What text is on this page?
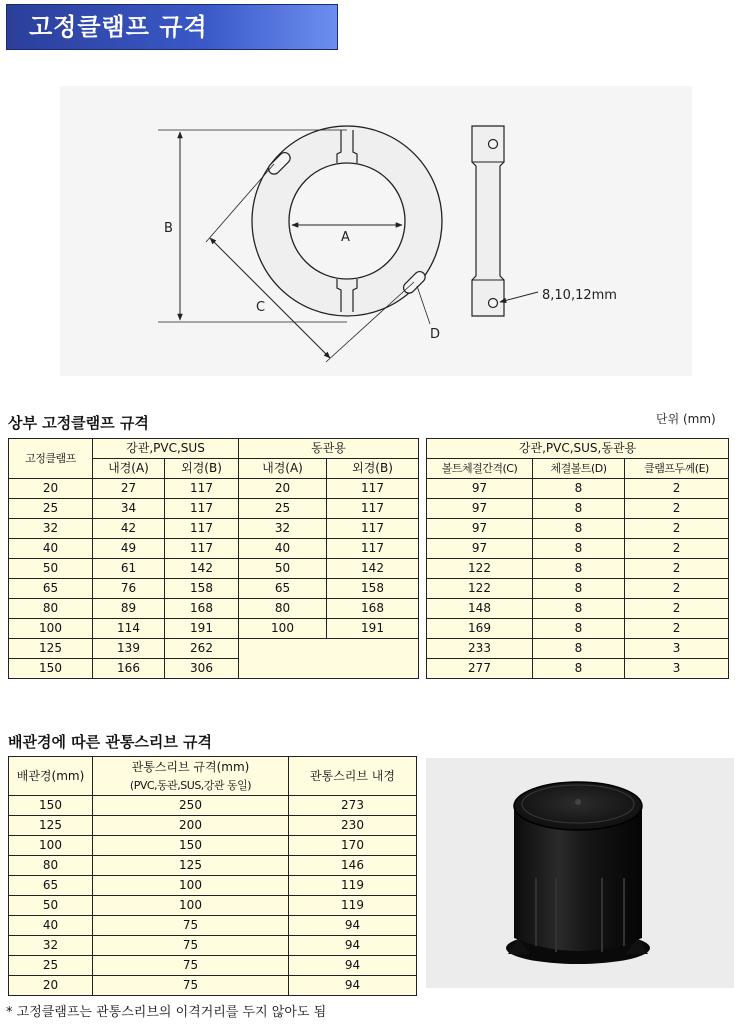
고정클램프 규격
A
B
C
D
8,10,12mm
상부 고정클램프 규격	단위 (mm)
고정클램프	강관,PVC,SUS		동관용	
	내경(A)	외경(B)	내경(A)	외경(B)
20	27	117	20	117
25	34	117	25	117
32	42	117	32	117
40	49	117	40	117
50	61	142	50	142
65	76	158	65	158
80	89	168	80	168
100	114	191	100	191
125	139	262		
150	166	306		
강관,PVC,SUS,동관용		
볼트체결간격(C)	체결볼트(D)	클램프두께(E)
97	8	2
97	8	2
97	8	2
97	8	2
122	8	2
122	8	2
148	8	2
169	8	2
233	8	3
277	8	3
배관경에 따른 관통스리브 규격
배관경(mm)	관통스리브 규격(mm)	관통스리브 내경
	(PVC,동관,SUS,강관 동일)	
150	250	273
125	200	230
100	150	170
80	125	146
65	100	119
50	100	119
40	75	94
32	75	94
25	75	94
20	75	94
* 고정클램프는 관통스리브의 이격거리를 두지 않아도 됨
